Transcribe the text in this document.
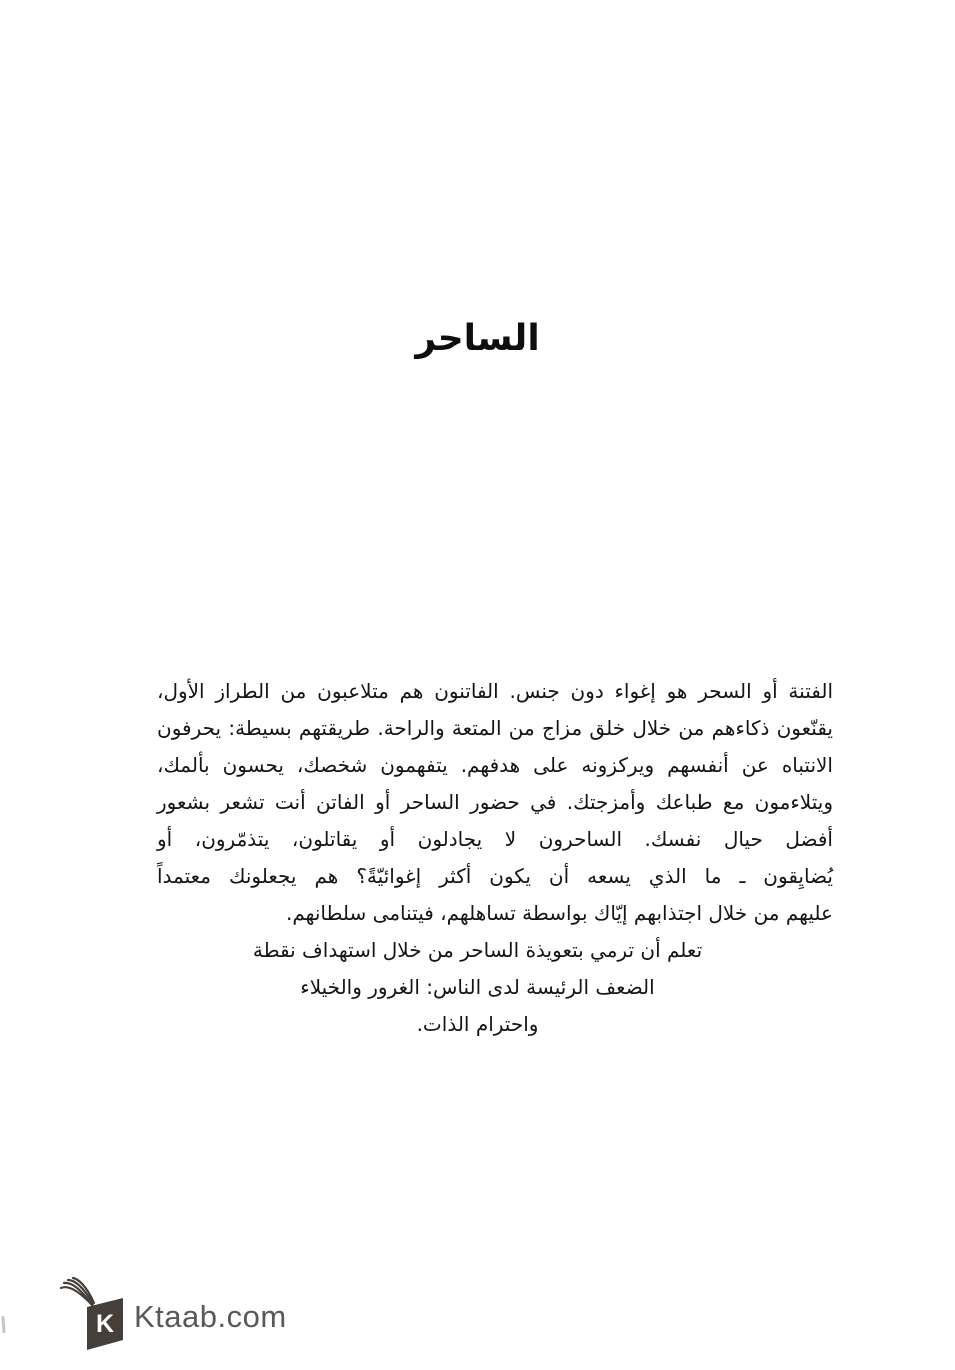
الساحر
الفتنة أو السحر هو إغواء دون جنس. الفاتنون هم متلاعبون من الطراز الأول،
يقنّعون ذكاءهم من خلال خلق مزاج من المتعة والراحة. طريقتهم بسيطة: يحرفون
الانتباه عن أنفسهم ويركزونه على هدفهم. يتفهمون شخصك، يحسون بألمك،
ويتلاءمون مع طباعك وأمزجتك. في حضور الساحر أو الفاتن أنت تشعر بشعور
أفضل حيال نفسك. الساحرون لا يجادلون أو يقاتلون، يتذمّرون، أو
يُضايِقون ـ ما الذي يسعه أن يكون أكثر إغوائيّةً؟ هم يجعلونك معتمداً
عليهم من خلال اجتذابهم إيّاك بواسطة تساهلهم، فيتنامى سلطانهم.
تعلم أن ترمي بتعويذة الساحر من خلال استهداف نقطة
الضعف الرئيسة لدى الناس: الغرور والخيلاء
واحترام الذات.
K Ktaab.com
